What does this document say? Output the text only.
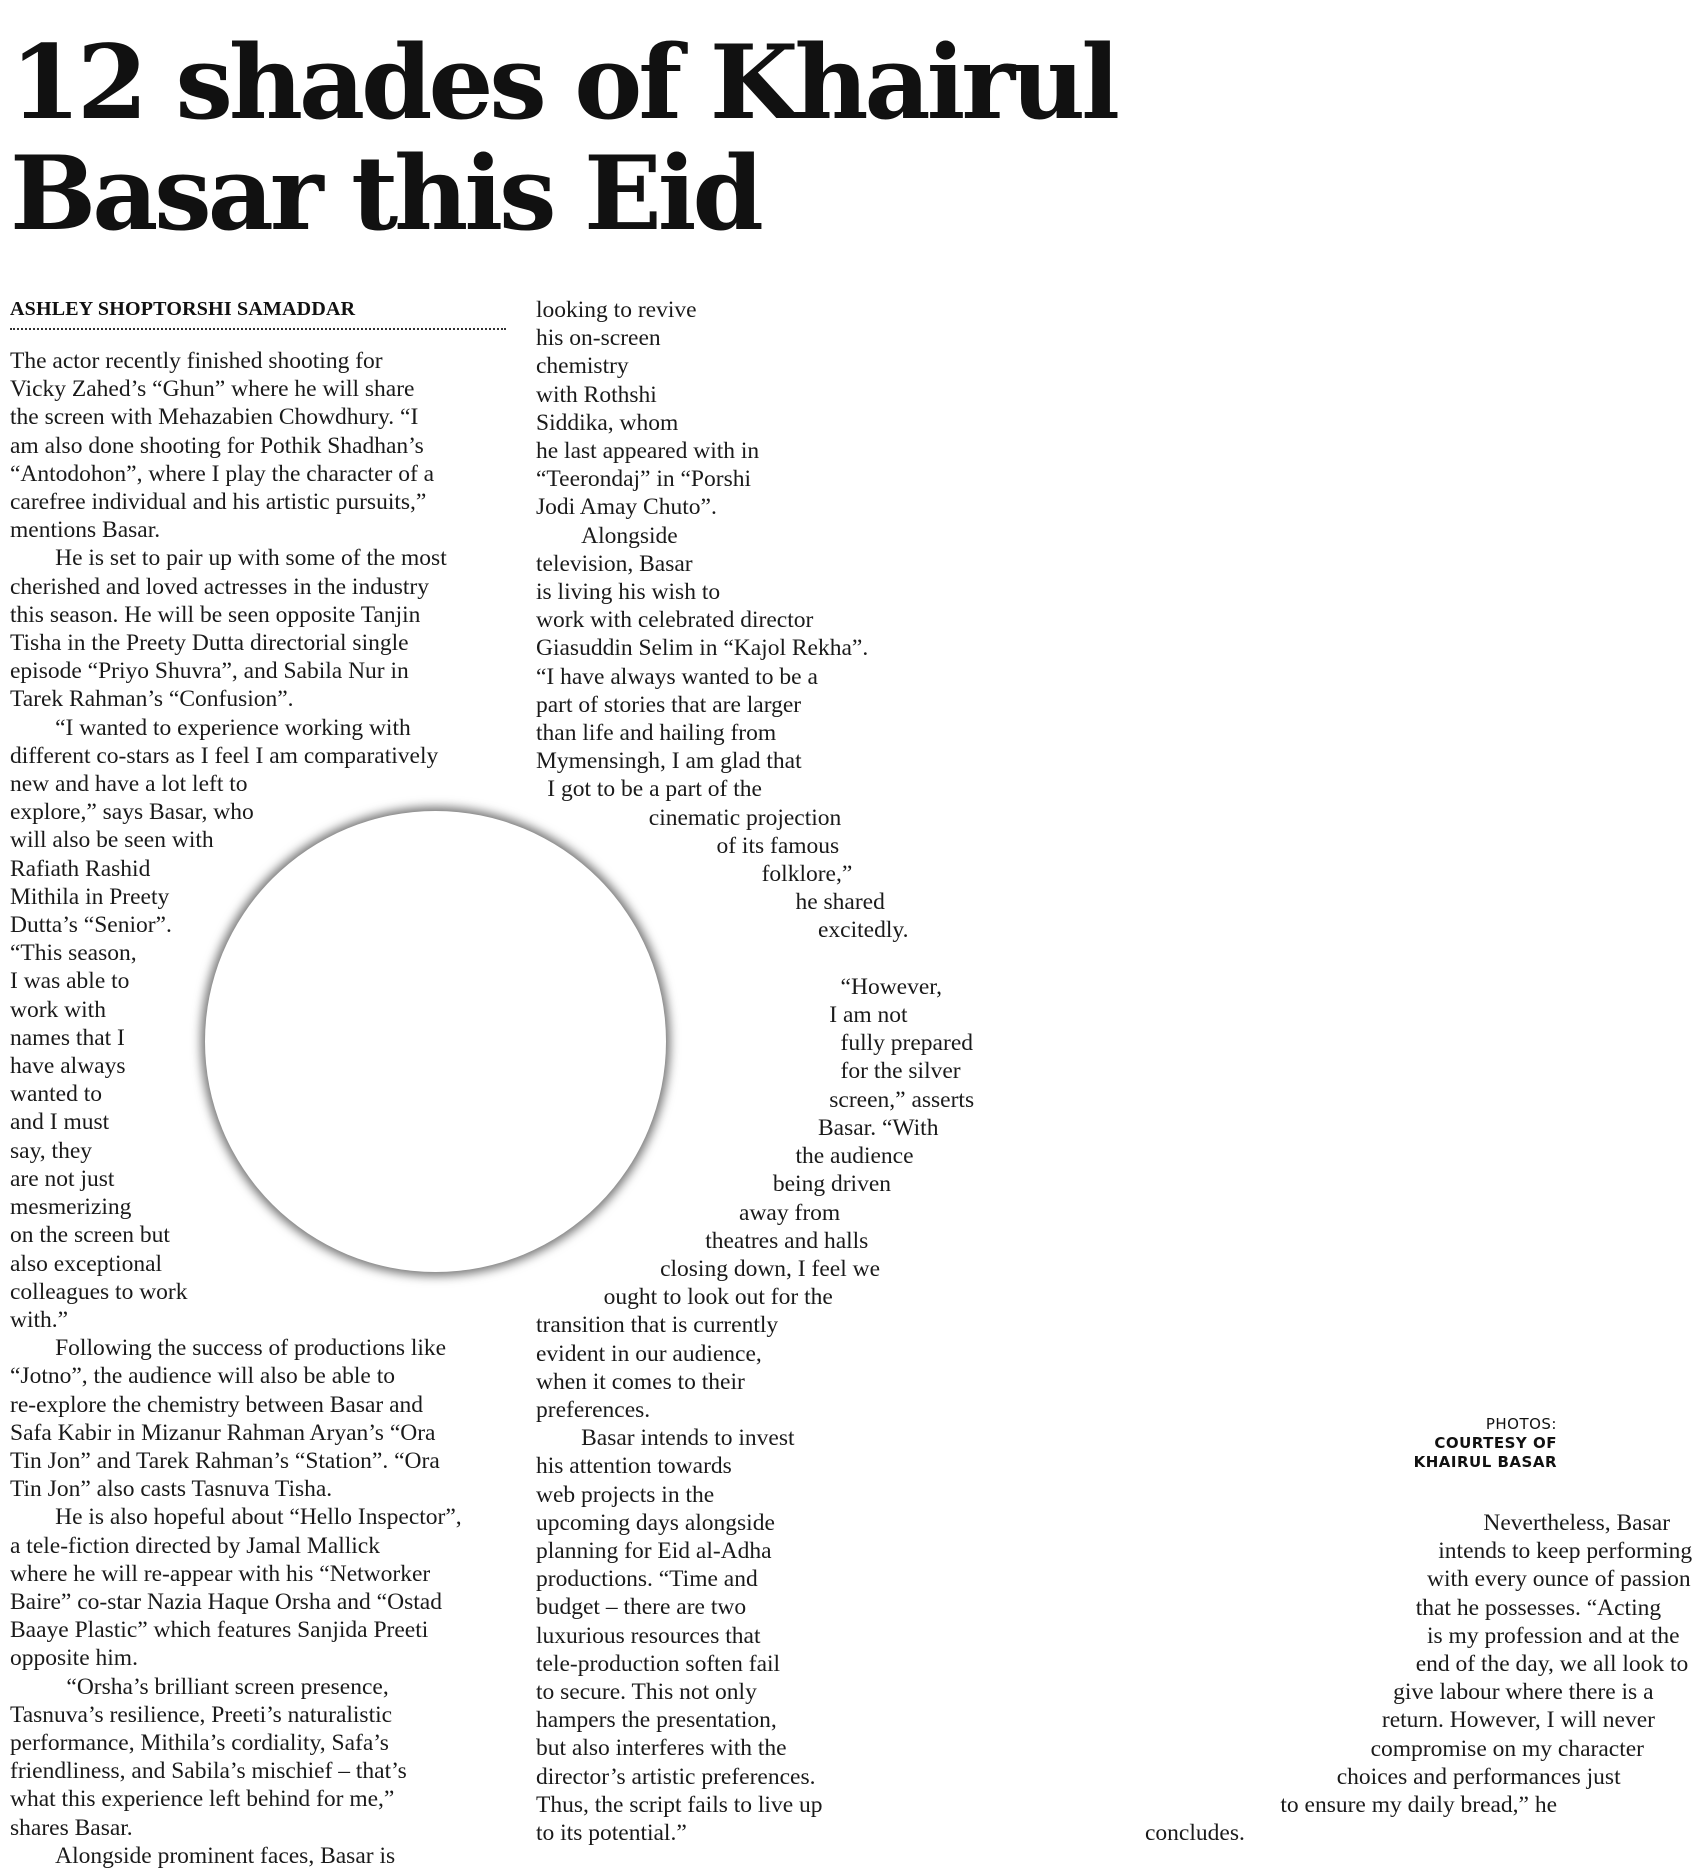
12 shades of Khairul
Basar this Eid
ASHLEY SHOPTORSHI SAMADDAR
The actor recently finished shooting for
Vicky Zahed’s “Ghun” where he will share
the screen with Mehazabien Chowdhury. “I
am also done shooting for Pothik Shadhan’s
“Antodohon”, where I play the character of a
carefree individual and his artistic pursuits,”
mentions Basar.
He is set to pair up with some of the most
cherished and loved actresses in the industry
this season. He will be seen opposite Tanjin
Tisha in the Preety Dutta directorial single
episode “Priyo Shuvra”, and Sabila Nur in
Tarek Rahman’s “Confusion”.
“I wanted to experience working with
different co-stars as I feel I am comparatively
new and have a lot left to
explore,” says Basar, who
will also be seen with
Rafiath Rashid
Mithila in Preety
Dutta’s “Senior”.
“This season,
I was able to
work with
names that I
have always
wanted to
and I must
say, they
are not just
mesmerizing
on the screen but
also exceptional
colleagues to work
with.”
Following the success of productions like
“Jotno”, the audience will also be able to
re-explore the chemistry between Basar and
Safa Kabir in Mizanur Rahman Aryan’s “Ora
Tin Jon” and Tarek Rahman’s “Station”. “Ora
Tin Jon” also casts Tasnuva Tisha.
He is also hopeful about “Hello Inspector”,
a tele-fiction directed by Jamal Mallick
where he will re-appear with his “Networker
Baire” co-star Nazia Haque Orsha and “Ostad
Baaye Plastic” which features Sanjida Preeti
opposite him.
“Orsha’s brilliant screen presence,
Tasnuva’s resilience, Preeti’s naturalistic
performance, Mithila’s cordiality, Safa’s
friendliness, and Sabila’s mischief – that’s
what this experience left behind for me,”
shares Basar.
Alongside prominent faces, Basar is
looking to revive
his on-screen
chemistry
with Rothshi
Siddika, whom
he last appeared with in
“Teerondaj” in “Porshi
Jodi Amay Chuto”.
Alongside
television, Basar
is living his wish to
work with celebrated director
Giasuddin Selim in “Kajol Rekha”.
“I have always wanted to be a
part of stories that are larger
than life and hailing from
Mymensingh, I am glad that
I got to be a part of the
cinematic projection
of its famous
folklore,”
he shared
excitedly.

“However,
I am not
fully prepared
for the silver
screen,” asserts
Basar. “With
the audience
being driven
away from
theatres and halls
closing down, I feel we
ought to look out for the
transition that is currently
evident in our audience,
when it comes to their
preferences.
Basar intends to invest
his attention towards
web projects in the
upcoming days alongside
planning for Eid al-Adha
productions. “Time and
budget – there are two
luxurious resources that
tele-production soften fail
to secure. This not only
hampers the presentation,
but also interferes with the
director’s artistic preferences.
Thus, the script fails to live up
to its potential.”
Nevertheless, Basar
intends to keep performing
with every ounce of passion
that he possesses. “Acting
is my profession and at the
end of the day, we all look to
give labour where there is a
return. However, I will never
compromise on my character
choices and performances just
to ensure my daily bread,” he
concludes.
PHOTOS:
COURTESY OF
KHAIRUL BASAR
